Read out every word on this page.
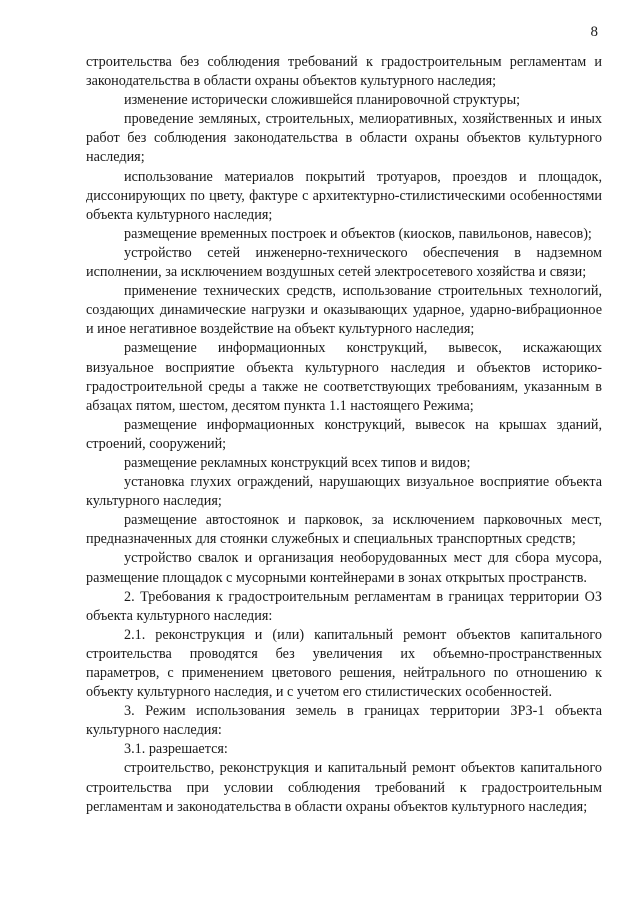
8

строительства без соблюдения требований к градостроительным регламентам и законодательства в области охраны объектов культурного наследия;

изменение исторически сложившейся планировочной структуры;

проведение земляных, строительных, мелиоративных, хозяйственных и иных работ без соблюдения законодательства в области охраны объектов культурного наследия;

использование материалов покрытий тротуаров, проездов и площадок, диссонирующих по цвету, фактуре с архитектурно-стилистическими особенностями объекта культурного наследия;

размещение временных построек и объектов (киосков, павильонов, навесов);

устройство сетей инженерно-технического обеспечения в надземном исполнении, за исключением воздушных сетей электросетевого хозяйства и связи;

применение технических средств, использование строительных технологий, создающих динамические нагрузки и оказывающих ударное, ударно-вибрационное и иное негативное воздействие на объект культурного наследия;

размещение информационных конструкций, вывесок, искажающих визуальное восприятие объекта культурного наследия и объектов историко-градостроительной среды а также не соответствующих требованиям, указанным в абзацах пятом, шестом, десятом пункта 1.1 настоящего Режима;

размещение информационных конструкций, вывесок на крышах зданий, строений, сооружений;

размещение рекламных конструкций всех типов и видов;

установка глухих ограждений, нарушающих визуальное восприятие объекта культурного наследия;

размещение автостоянок и парковок, за исключением парковочных мест, предназначенных для стоянки служебных и специальных транспортных средств;

устройство свалок и организация необорудованных мест для сбора мусора, размещение площадок с мусорными контейнерами в зонах открытых пространств.

2. Требования к градостроительным регламентам в границах территории ОЗ объекта культурного наследия:

2.1. реконструкция и (или) капитальный ремонт объектов капитального строительства проводятся без увеличения их объемно-пространственных параметров, с применением цветового решения, нейтрального по отношению к объекту культурного наследия, и с учетом его стилистических особенностей.

3. Режим использования земель в границах территории ЗРЗ-1 объекта культурного наследия:

3.1. разрешается:

строительство, реконструкция и капитальный ремонт объектов капитального строительства при условии соблюдения требований к градостроительным регламентам и законодательства в области охраны объектов культурного наследия;
